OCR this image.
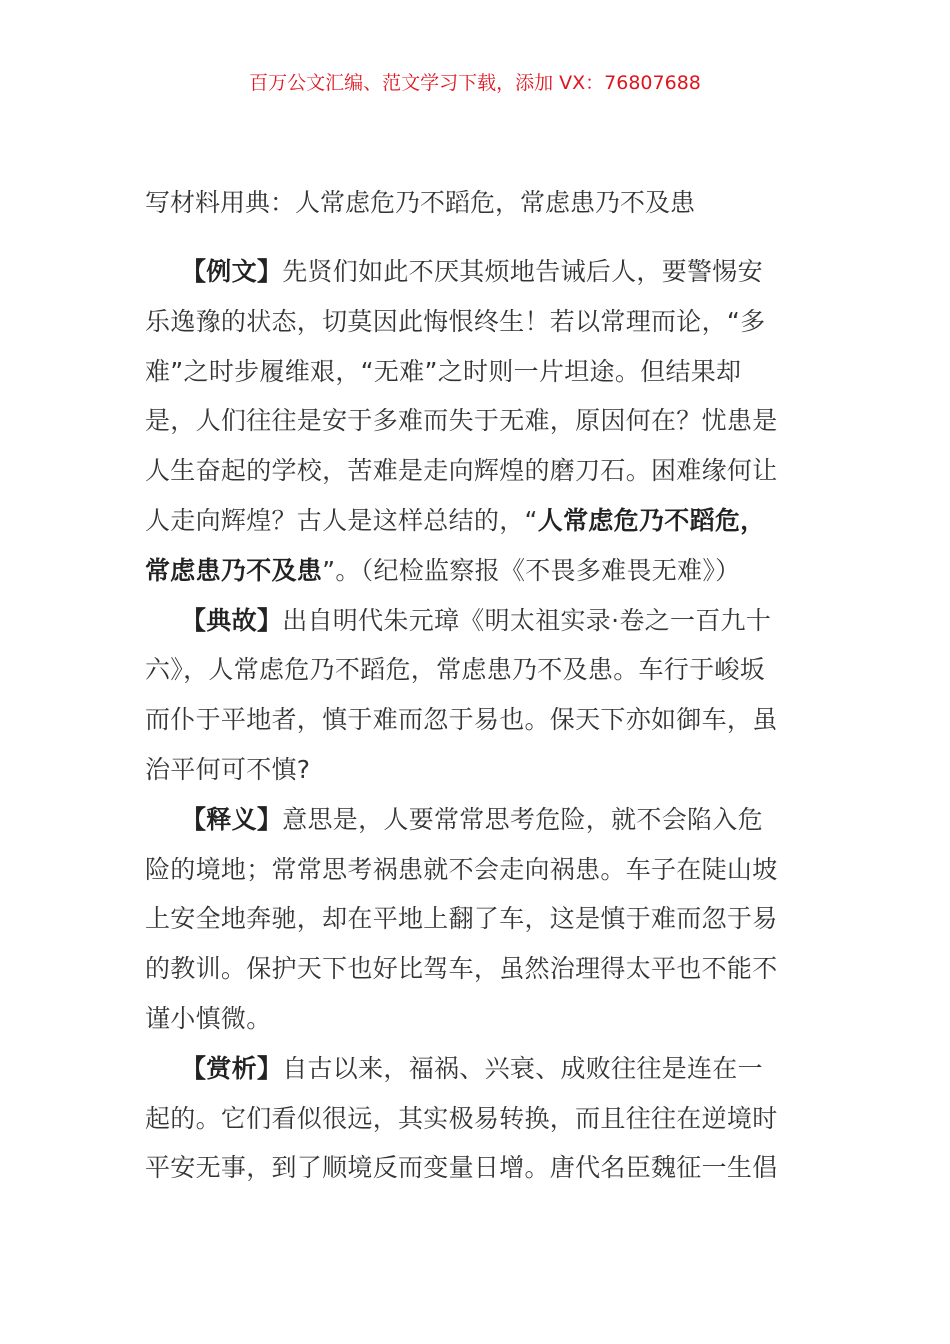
百万公文汇编、范文学习下载，添加 VX：76807688
写材料用典：人常虑危乃不蹈危，常虑患乃不及患
【例文】先贤们如此不厌其烦地告诫后人，要警惕安
乐逸豫的状态，切莫因此悔恨终生！若以常理而论，“多
难”之时步履维艰，“无难”之时则一片坦途。但结果却
是，人们往往是安于多难而失于无难，原因何在？忧患是
人生奋起的学校，苦难是走向辉煌的磨刀石。困难缘何让
人走向辉煌？古人是这样总结的，“人常虑危乃不蹈危，
常虑患乃不及患”。（纪检监察报《不畏多难畏无难》）
【典故】出自明代朱元璋《明太祖实录·卷之一百九十
六》，人常虑危乃不蹈危，常虑患乃不及患。车行于峻坂
而仆于平地者，慎于难而忽于易也。保天下亦如御车，虽
治平何可不慎?
【释义】意思是，人要常常思考危险，就不会陷入危
险的境地；常常思考祸患就不会走向祸患。车子在陡山坡
上安全地奔驰，却在平地上翻了车，这是慎于难而忽于易
的教训。保护天下也好比驾车，虽然治理得太平也不能不
谨小慎微。
【赏析】自古以来，福祸、兴衰、成败往往是连在一
起的。它们看似很远，其实极易转换，而且往往在逆境时
平安无事，到了顺境反而变量日增。唐代名臣魏征一生倡
